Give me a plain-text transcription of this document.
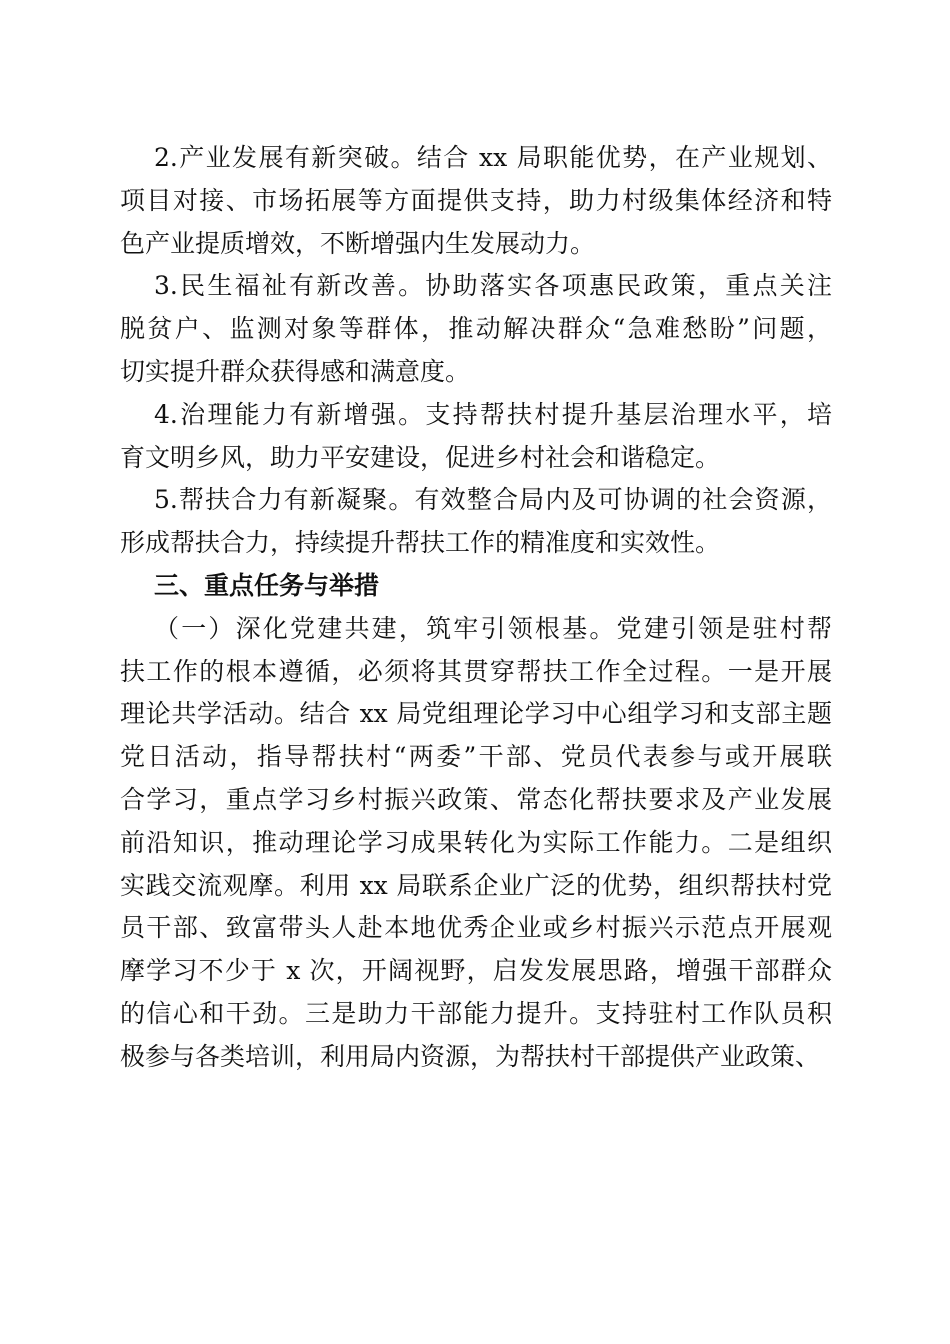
2.产业发展有新突破。结合 xx 局职能优势，在产业规划、
项目对接、市场拓展等方面提供支持，助力村级集体经济和特
色产业提质增效，不断增强内生发展动力。
3.民生福祉有新改善。协助落实各项惠民政策，重点关注
脱贫户、监测对象等群体，推动解决群众“急难愁盼”问题，
切实提升群众获得感和满意度。
4.治理能力有新增强。支持帮扶村提升基层治理水平，培
育文明乡风，助力平安建设，促进乡村社会和谐稳定。
5.帮扶合力有新凝聚。有效整合局内及可协调的社会资源，
形成帮扶合力，持续提升帮扶工作的精准度和实效性。
三、重点任务与举措
（一）深化党建共建，筑牢引领根基。党建引领是驻村帮
扶工作的根本遵循，必须将其贯穿帮扶工作全过程。一是开展
理论共学活动。结合 xx 局党组理论学习中心组学习和支部主题
党日活动，指导帮扶村“两委”干部、党员代表参与或开展联
合学习，重点学习乡村振兴政策、常态化帮扶要求及产业发展
前沿知识，推动理论学习成果转化为实际工作能力。二是组织
实践交流观摩。利用 xx 局联系企业广泛的优势，组织帮扶村党
员干部、致富带头人赴本地优秀企业或乡村振兴示范点开展观
摩学习不少于 x 次，开阔视野，启发发展思路，增强干部群众
的信心和干劲。三是助力干部能力提升。支持驻村工作队员积
极参与各类培训，利用局内资源，为帮扶村干部提供产业政策、
